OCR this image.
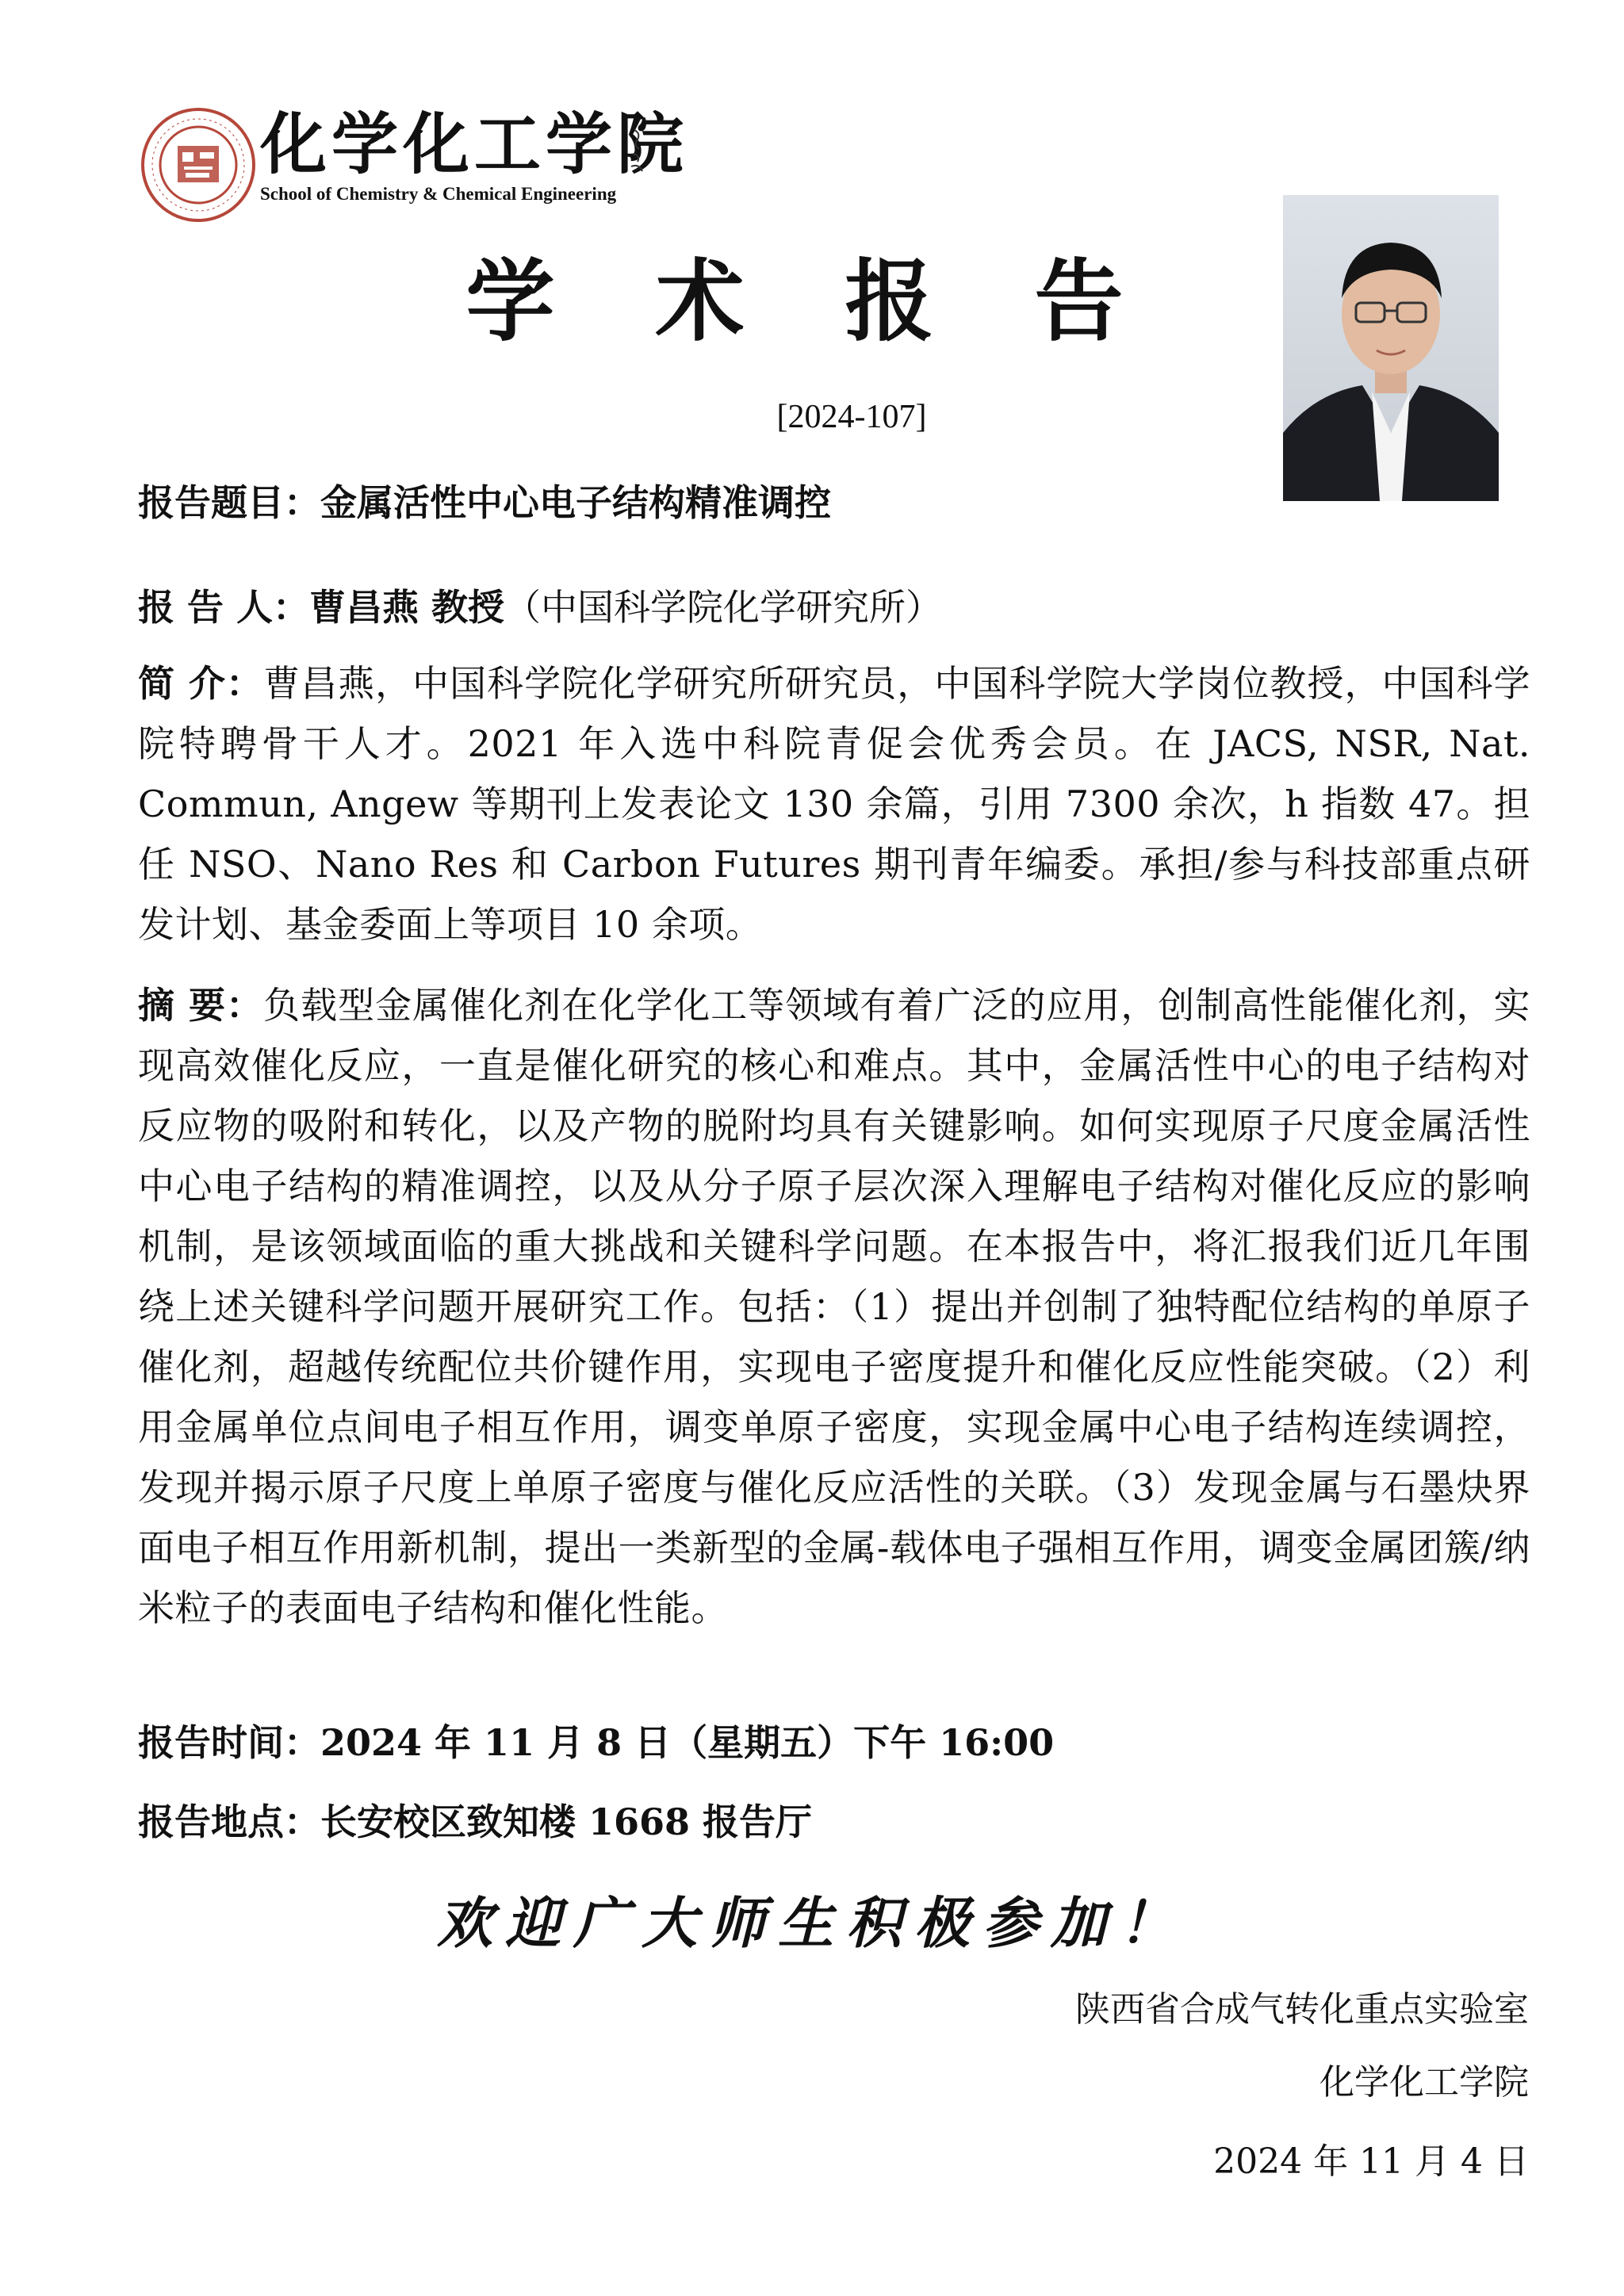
化学化工学院
School of Chemistry & Chemical Engineering
学 术 报 告
[2024-107]
报告题目：金属活性中心电子结构精准调控
报 告 人：曹昌燕 教授（中国科学院化学研究所）
简 介：曹昌燕，中国科学院化学研究所研究员，中国科学院大学岗位教授，中国科学院特聘骨干人才。2021 年入选中科院青促会优秀会员。在 JACS, NSR, Nat. Commun, Angew 等期刊上发表论文 130 余篇，引用 7300 余次，h 指数 47。担任 NSO、Nano Res 和 Carbon Futures 期刊青年编委。承担/参与科技部重点研发计划、基金委面上等项目 10 余项。
摘 要：负载型金属催化剂在化学化工等领域有着广泛的应用，创制高性能催化剂，实现高效催化反应，一直是催化研究的核心和难点。其中，金属活性中心的电子结构对反应物的吸附和转化，以及产物的脱附均具有关键影响。如何实现原子尺度金属活性中心电子结构的精准调控，以及从分子原子层次深入理解电子结构对催化反应的影响机制，是该领域面临的重大挑战和关键科学问题。在本报告中，将汇报我们近几年围绕上述关键科学问题开展研究工作。包括：（1）提出并创制了独特配位结构的单原子催化剂，超越传统配位共价键作用，实现电子密度提升和催化反应性能突破。（2）利用金属单位点间电子相互作用，调变单原子密度，实现金属中心电子结构连续调控，发现并揭示原子尺度上单原子密度与催化反应活性的关联。（3）发现金属与石墨炔界面电子相互作用新机制，提出一类新型的金属-载体电子强相互作用，调变金属团簇/纳米粒子的表面电子结构和催化性能。
报告时间：2024 年 11 月 8 日（星期五）下午 16:00
报告地点：长安校区致知楼 1668 报告厅
欢迎广大师生积极参加！
陕西省合成气转化重点实验室
化学化工学院
2024 年 11 月 4 日
